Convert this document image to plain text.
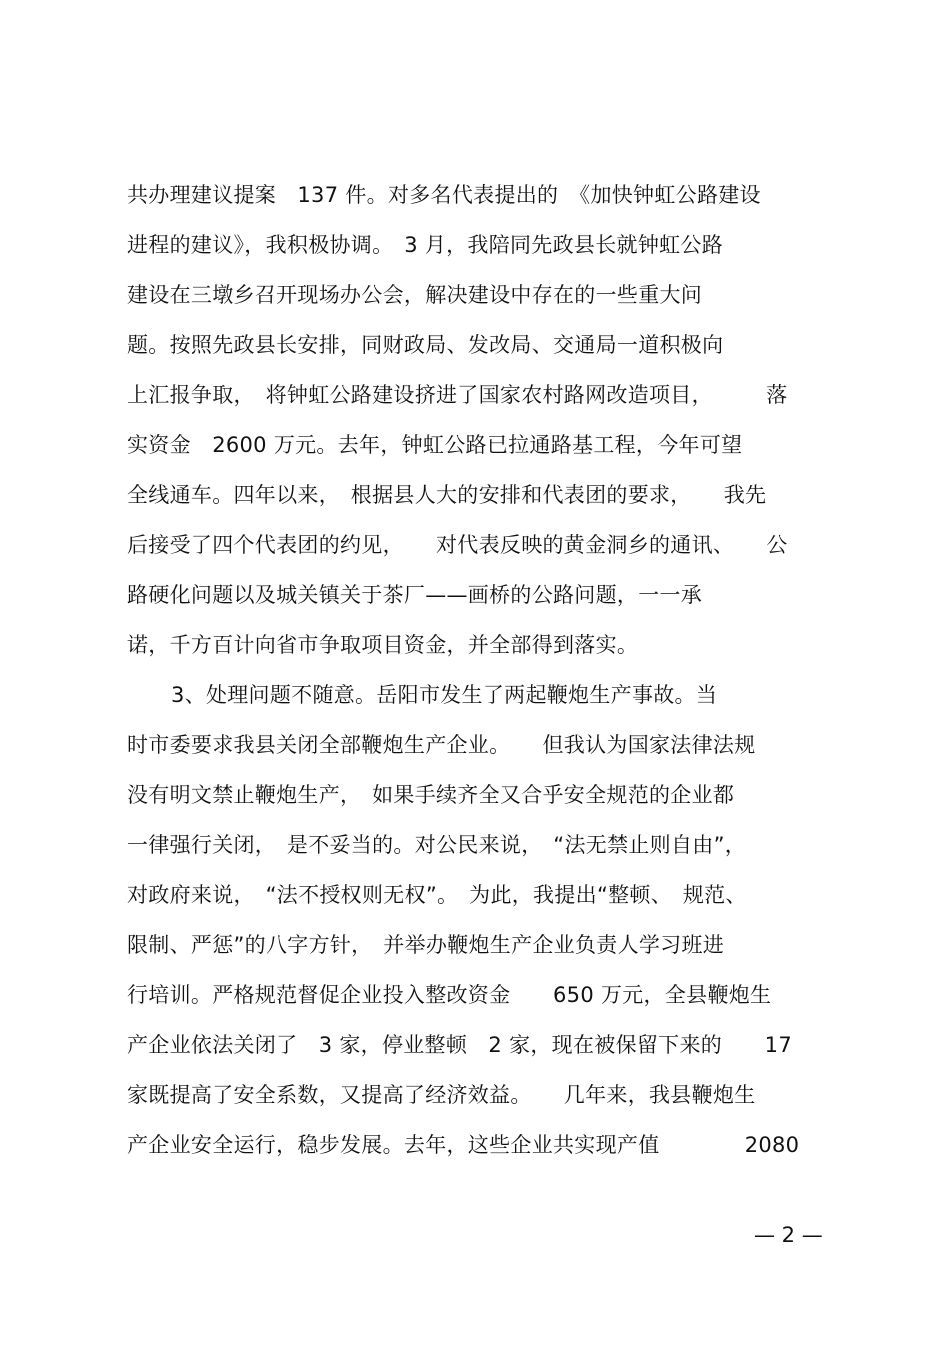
共办理建议提案　137 件。对多名代表提出的　《加快钟虹公路建设
进程的建议》，我积极协调。　3 月，我陪同先政县长就钟虹公路
建设在三墩乡召开现场办公会，解决建设中存在的一些重大问
题。按照先政县长安排，同财政局、发改局、交通局一道积极向
上汇报争取，　将钟虹公路建设挤进了国家农村路网改造项目，　　　落
实资金　2600 万元。去年，钟虹公路已拉通路基工程，今年可望
全线通车。四年以来，　根据县人大的安排和代表团的要求，　　我先
后接受了四个代表团的约见，　　对代表反映的黄金洞乡的通讯、　　公
路硬化问题以及城关镇关于茶厂——画桥的公路问题，一一承
诺，千方百计向省市争取项目资金，并全部得到落实。
3、处理问题不随意。岳阳市发生了两起鞭炮生产事故。当
时市委要求我县关闭全部鞭炮生产企业。　　但我认为国家法律法规
没有明文禁止鞭炮生产，　如果手续齐全又合乎安全规范的企业都
一律强行关闭，　是不妥当的。对公民来说，　“法无禁止则自由”，
对政府来说，　“法不授权则无权”。　为此，我提出“整顿、　规范、
限制、严惩”的八字方针，　并举办鞭炮生产企业负责人学习班进
行培训。严格规范督促企业投入整改资金　　650 万元，全县鞭炮生
产企业依法关闭了　3 家，停业整顿　2 家，现在被保留下来的　　17
家既提高了安全系数，又提高了经济效益。　　几年来，我县鞭炮生
产企业安全运行，稳步发展。去年，这些企业共实现产值　　　　2080
— 2 —
